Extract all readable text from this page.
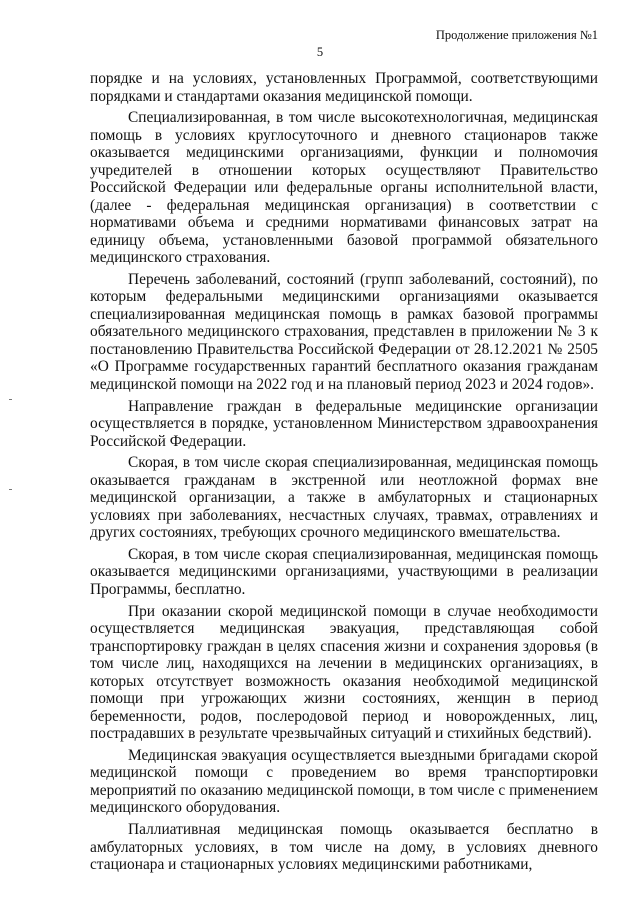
Продолжение приложения №1
5

порядке и на условиях, установленных Программой, соответствующими порядками и стандартами оказания медицинской помощи.

Специализированная, в том числе высокотехнологичная, медицинская помощь в условиях круглосуточного и дневного стационаров также оказывается медицинскими организациями, функции и полномочия учредителей в отношении которых осуществляют Правительство Российской Федерации или федеральные органы исполнительной власти, (далее - федеральная медицинская организация) в соответствии с нормативами объема и средними нормативами финансовых затрат на единицу объема, установленными базовой программой обязательного медицинского страхования.

Перечень заболеваний, состояний (групп заболеваний, состояний), по которым федеральными медицинскими организациями оказывается специализированная медицинская помощь в рамках базовой программы обязательного медицинского страхования, представлен в приложении № 3 к постановлению Правительства Российской Федерации от 28.12.2021 № 2505 «О Программе государственных гарантий бесплатного оказания гражданам медицинской помощи на 2022 год и на плановый период 2023 и 2024 годов».

Направление граждан в федеральные медицинские организации осуществляется в порядке, установленном Министерством здравоохранения Российской Федерации.

Скорая, в том числе скорая специализированная, медицинская помощь оказывается гражданам в экстренной или неотложной формах вне медицинской организации, а также в амбулаторных и стационарных условиях при заболеваниях, несчастных случаях, травмах, отравлениях и других состояниях, требующих срочного медицинского вмешательства.

Скорая, в том числе скорая специализированная, медицинская помощь оказывается медицинскими организациями, участвующими в реализации Программы, бесплатно.

При оказании скорой медицинской помощи в случае необходимости осуществляется медицинская эвакуация, представляющая собой транспортировку граждан в целях спасения жизни и сохранения здоровья (в том числе лиц, находящихся на лечении в медицинских организациях, в которых отсутствует возможность оказания необходимой медицинской помощи при угрожающих жизни состояниях, женщин в период беременности, родов, послеродовой период и новорожденных, лиц, пострадавших в результате чрезвычайных ситуаций и стихийных бедствий).

Медицинская эвакуация осуществляется выездными бригадами скорой медицинской помощи с проведением во время транспортировки мероприятий по оказанию медицинской помощи, в том числе с применением медицинского оборудования.

Паллиативная медицинская помощь оказывается бесплатно в амбулаторных условиях, в том числе на дому, в условиях дневного стационара и стационарных условиях медицинскими работниками,
